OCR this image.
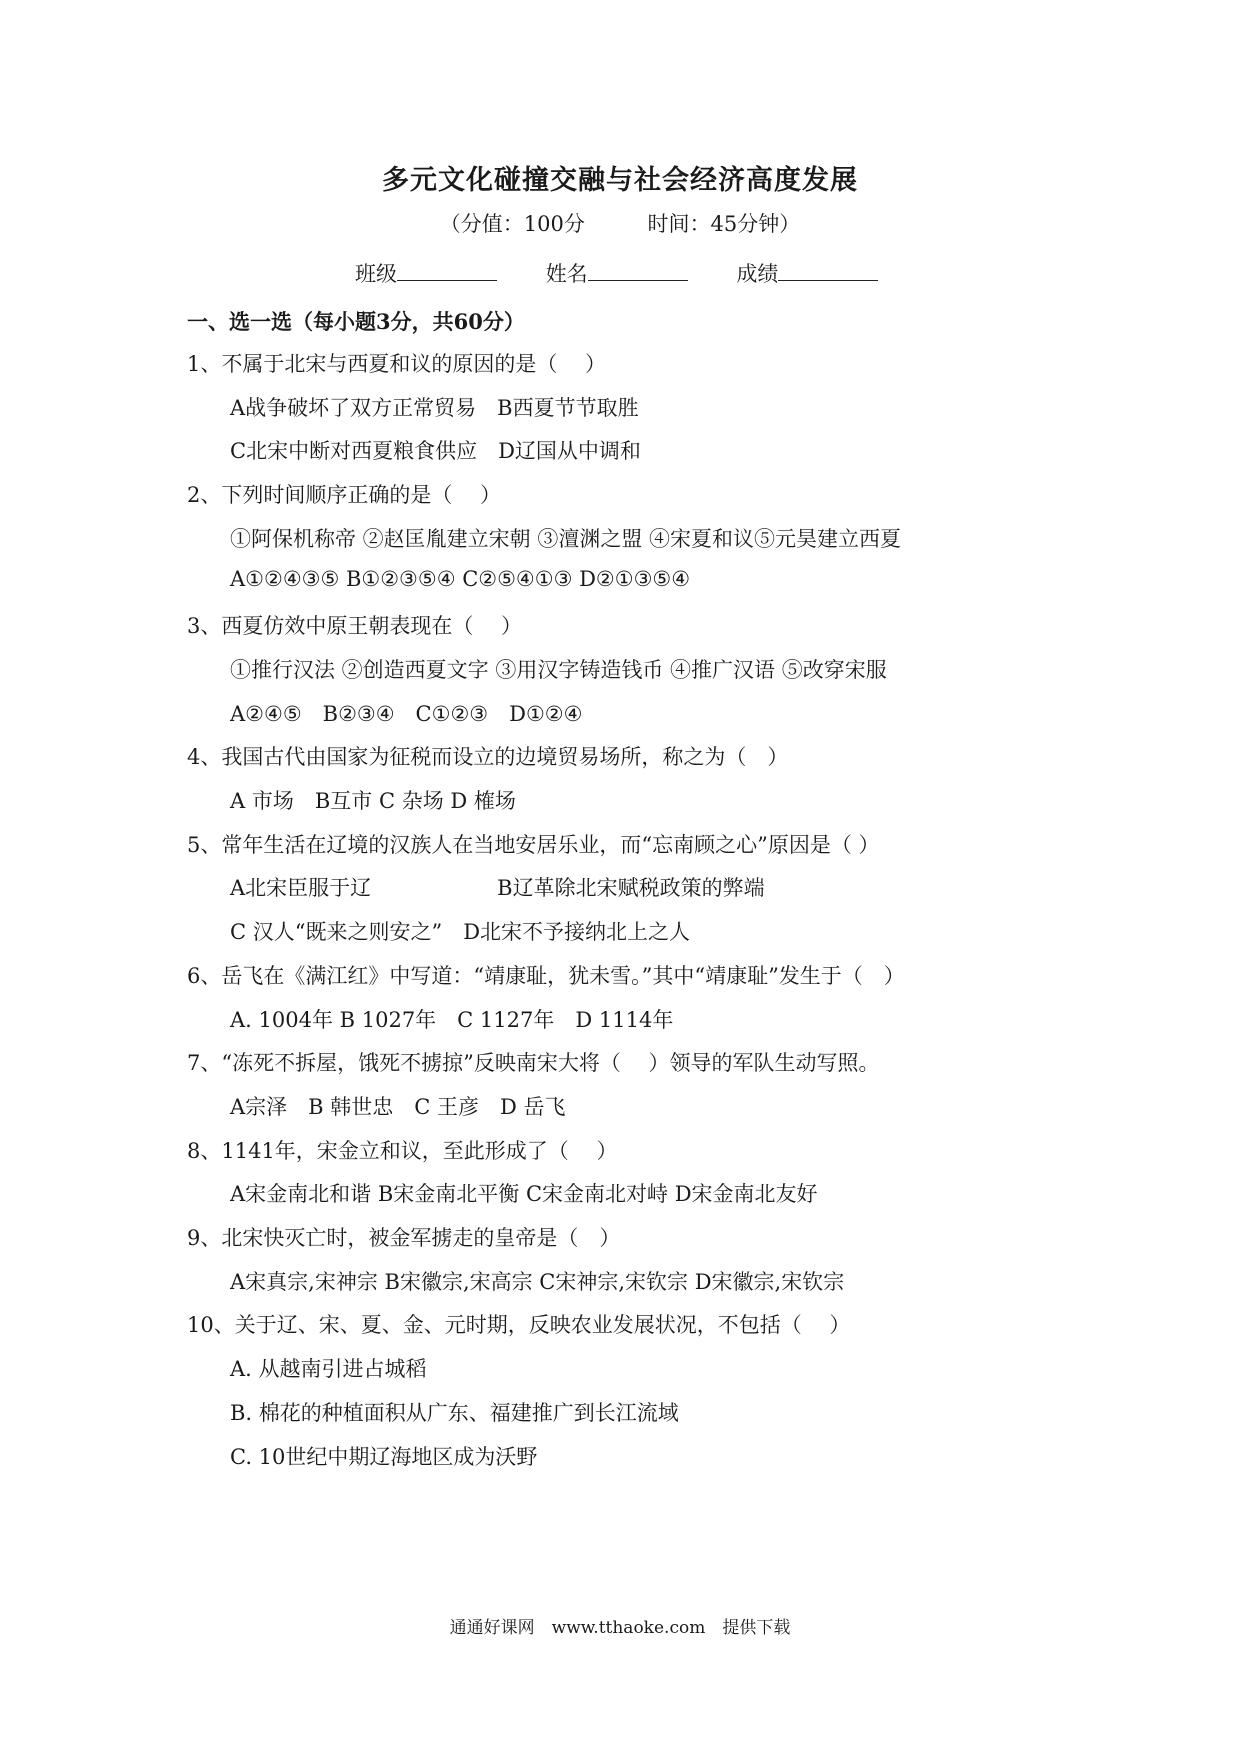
多元文化碰撞交融与社会经济高度发展
（分值：100分	时间：45分钟）
班级	姓名	成绩
一、选一选（每小题3分，共60分）
1、不属于北宋与西夏和议的原因的是（　 ）
A战争破坏了双方正常贸易　B西夏节节取胜
C北宋中断对西夏粮食供应　D辽国从中调和
2、下列时间顺序正确的是（　 ）
①阿保机称帝 ②赵匡胤建立宋朝 ③澶渊之盟 ④宋夏和议⑤元昊建立西夏
A①②④③⑤ B①②③⑤④ C②⑤④①③ D②①③⑤④
3、西夏仿效中原王朝表现在（　 ）
①推行汉法 ②创造西夏文字 ③用汉字铸造钱币 ④推广汉语 ⑤改穿宋服
A②④⑤　B②③④　C①②③　D①②④
4、我国古代由国家为征税而设立的边境贸易场所，称之为（　）
A 市场　B互市 C 杂场 D 榷场
5、常年生活在辽境的汉族人在当地安居乐业，而“忘南顾之心”原因是（ ）
A北宋臣服于辽　　　　　　B辽革除北宋赋税政策的弊端
C 汉人“既来之则安之”　D北宋不予接纳北上之人
6、岳飞在《满江红》中写道：“靖康耻，犹未雪。”其中“靖康耻”发生于（　）
A. 1004年 B 1027年　C 1127年　D 1114年
7、“冻死不拆屋，饿死不掳掠”反映南宋大将（　 ）领导的军队生动写照。
A宗泽　B 韩世忠　C 王彦　D 岳飞
8、1141年，宋金立和议，至此形成了（　 ）
A宋金南北和谐 B宋金南北平衡 C宋金南北对峙 D宋金南北友好
9、北宋快灭亡时，被金军掳走的皇帝是（　）
A宋真宗,宋神宗 B宋徽宗,宋高宗 C宋神宗,宋钦宗 D宋徽宗,宋钦宗
10、关于辽、宋、夏、金、元时期，反映农业发展状况，不包括（　 ）
A. 从越南引进占城稻
B. 棉花的种植面积从广东、福建推广到长江流域
C. 10世纪中期辽海地区成为沃野
通通好课网　www.tthaoke.com　提供下载
